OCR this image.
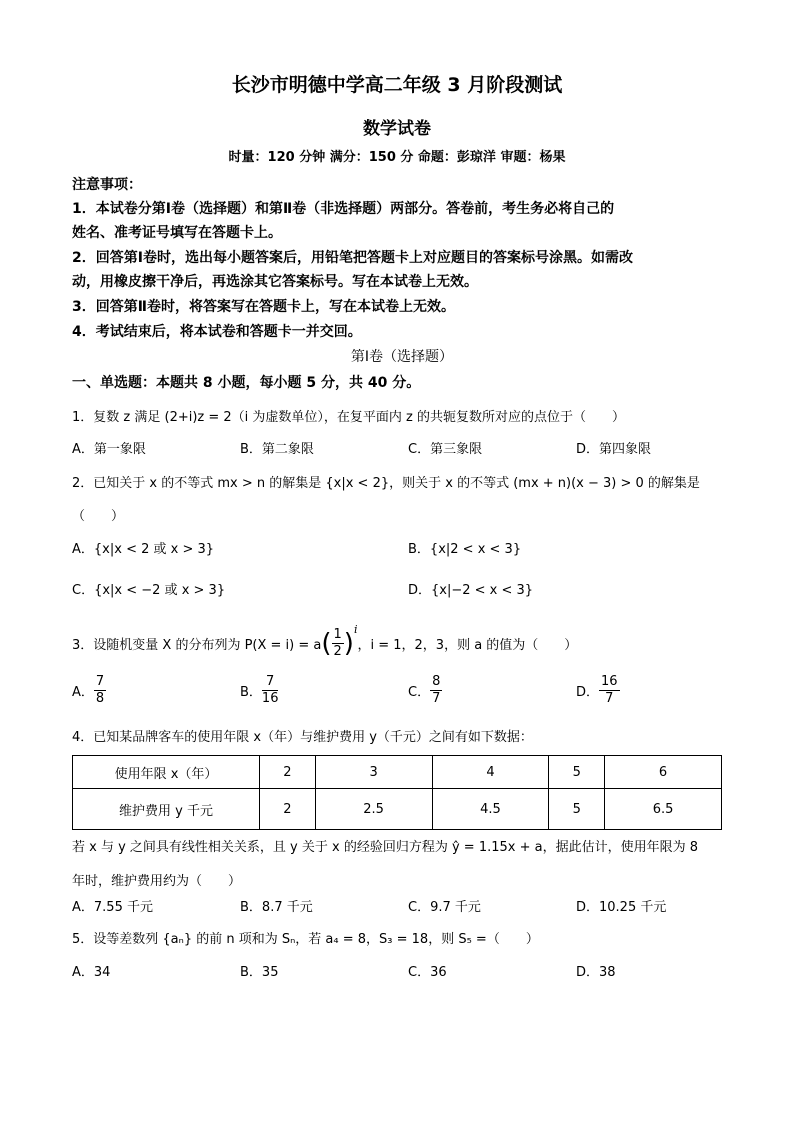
长沙市明德中学高二年级 3 月阶段测试
数学试卷
时量：120 分钟 满分：150 分 命题：彭琼洋 审题：杨果
注意事项：
1．本试卷分第Ⅰ卷（选择题）和第Ⅱ卷（非选择题）两部分。答卷前，考生务必将自己的
姓名、准考证号填写在答题卡上。
2．回答第Ⅰ卷时，选出每小题答案后，用铅笔把答题卡上对应题目的答案标号涂黑。如需改
动，用橡皮擦干净后，再选涂其它答案标号。写在本试卷上无效。
3．回答第Ⅱ卷时，将答案写在答题卡上，写在本试卷上无效。
4．考试结束后，将本试卷和答题卡一并交回。
第Ⅰ卷（选择题）
一、单选题：本题共 8 小题，每小题 5 分，共 40 分。
1．复数 z 满足 (2+i)z = 2（i 为虚数单位），在复平面内 z 的共轭复数所对应的点位于（　　）
A．第一象限	B．第二象限	C．第三象限	D．第四象限
2．已知关于 x 的不等式 mx > n 的解集是 {x|x < 2}，则关于 x 的不等式 (mx + n)(x − 3) > 0 的解集是
（　　）
A．{x|x < 2 或 x > 3}	B．{x|2 < x < 3}
C．{x|x < −2 或 x > 3}	D．{x|−2 < x < 3}
3．设随机变量 X 的分布列为 $P(X = i) = a( \frac{1}{2} )^i$，i = 1，2，3，则 a 的值为（　　）
A． $\frac{7}{8}$	B． $\frac{7}{16}$	C． $\frac{8}{7}$	D． $\frac{16}{7}$
4．已知某品牌客车的使用年限 x（年）与维护费用 y（千元）之间有如下数据：
使用年限 x（年）	2	3	4	5	6
维护费用 y 千元	2	2.5	4.5	5	6.5
若 x 与 y 之间具有线性相关关系，且 y 关于 x 的经验回归方程为 ŷ = 1.15x + a，据此估计，使用年限为 8
年时，维护费用约为（　　）
A．7.55 千元	B．8.7 千元	C．9.7 千元	D．10.25 千元
5．设等差数列 {aₙ} 的前 n 项和为 Sₙ，若 a₄ = 8，S₃ = 18，则 S₅ =（　　）
A．34	B．35	C．36	D．38
